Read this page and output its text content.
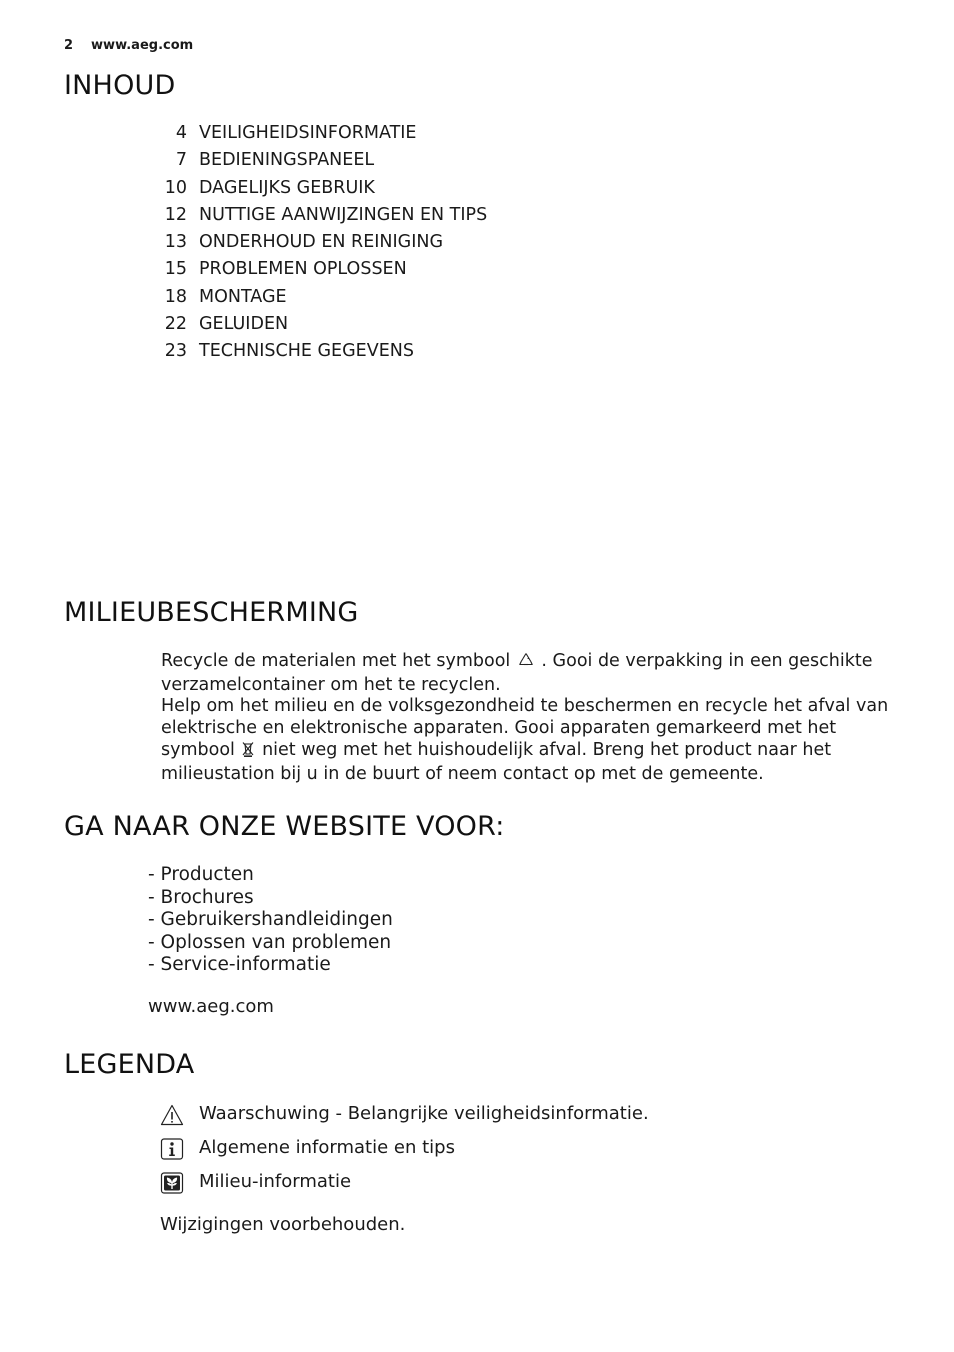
2 www.aeg.com
INHOUD
4 VEILIGHEIDSINFORMATIE
7 BEDIENINGSPANEEL
10 DAGELIJKS GEBRUIK
12 NUTTIGE AANWIJZINGEN EN TIPS
13 ONDERHOUD EN REINIGING
15 PROBLEMEN OPLOSSEN
18 MONTAGE
22 GELUIDEN
23 TECHNISCHE GEGEVENS
MILIEUBESCHERMING

Recycle de materialen met het symbool . Gooi de verpakking in een geschikte verzamelcontainer om het te recyclen.

Help om het milieu en de volksgezondheid te beschermen en recycle het afval van elektrische en elektronische apparaten. Gooi apparaten gemarkeerd met het symbool niet weg met het huishoudelijk afval. Breng het product naar het milieustation bij u in de buurt of neem contact op met de gemeente.

GA NAAR ONZE WEBSITE VOOR:
- Producten
- Brochures
- Gebruikershandleidingen
- Oplossen van problemen
- Service-informatie
www.aeg.com
LEGENDA
Waarschuwing - Belangrijke veiligheidsinformatie.
Algemene informatie en tips
Milieu-informatie
Wijzigingen voorbehouden.
